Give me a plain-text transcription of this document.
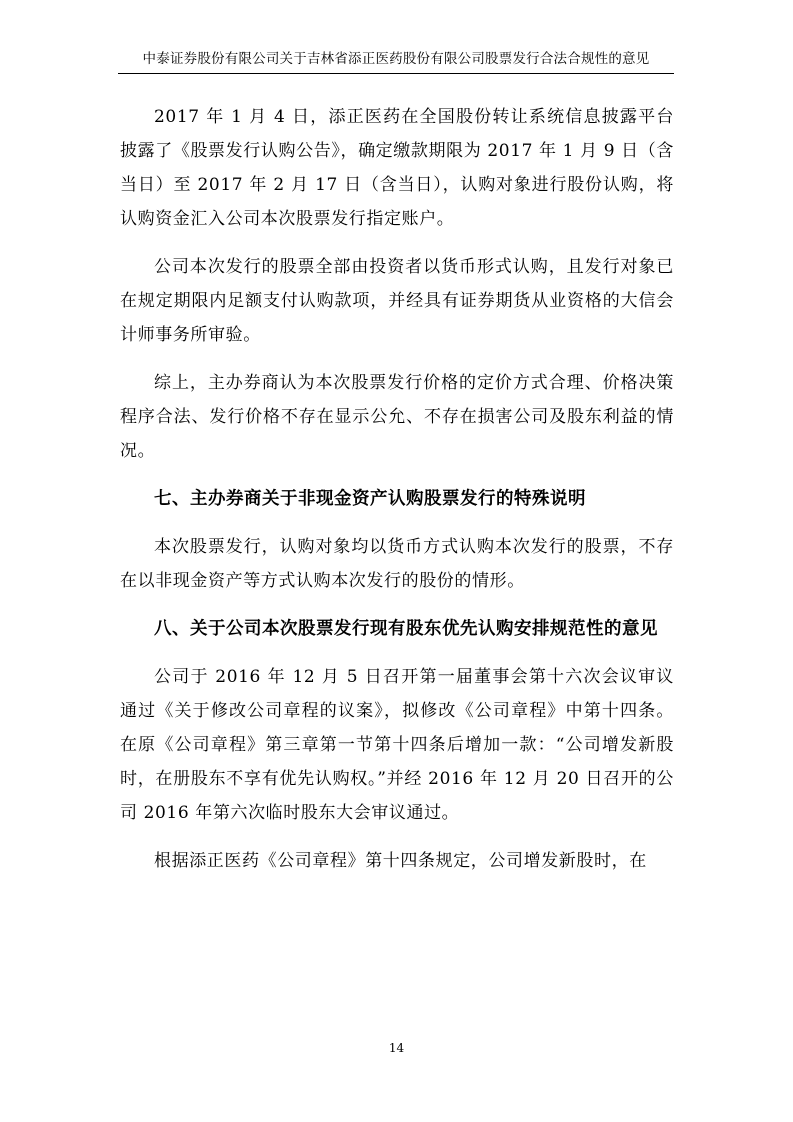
中泰证券股份有限公司关于吉林省添正医药股份有限公司股票发行合法合规性的意见

2017 年 1 月 4 日，添正医药在全国股份转让系统信息披露平台披露了《股票发行认购公告》，确定缴款期限为 2017 年 1 月 9 日（含当日）至 2017 年 2 月 17 日（含当日），认购对象进行股份认购，将认购资金汇入公司本次股票发行指定账户。

公司本次发行的股票全部由投资者以货币形式认购，且发行对象已在规定期限内足额支付认购款项，并经具有证券期货从业资格的大信会计师事务所审验。

综上，主办券商认为本次股票发行价格的定价方式合理、价格决策程序合法、发行价格不存在显示公允、不存在损害公司及股东利益的情况。

七、主办券商关于非现金资产认购股票发行的特殊说明

本次股票发行，认购对象均以货币方式认购本次发行的股票，不存在以非现金资产等方式认购本次发行的股份的情形。

八、关于公司本次股票发行现有股东优先认购安排规范性的意见

公司于 2016 年 12 月 5 日召开第一届董事会第十六次会议审议通过《关于修改公司章程的议案》，拟修改《公司章程》中第十四条。在原《公司章程》第三章第一节第十四条后增加一款：“公司增发新股时，在册股东不享有优先认购权。”并经 2016 年 12 月 20 日召开的公司 2016 年第六次临时股东大会审议通过。

根据添正医药《公司章程》第十四条规定，公司增发新股时，在

14
